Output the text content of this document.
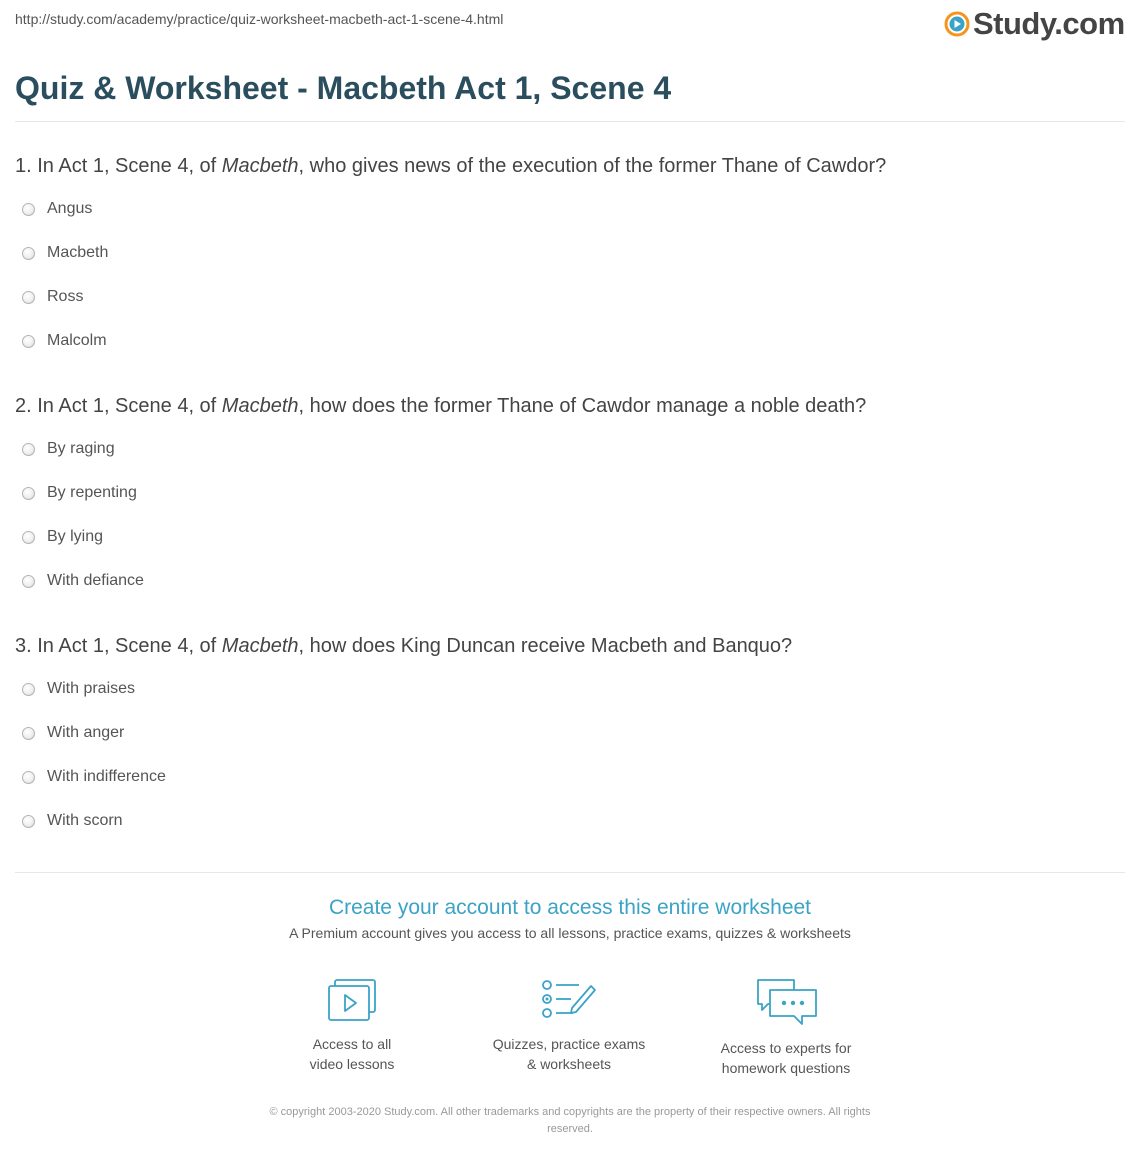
http://study.com/academy/practice/quiz-worksheet-macbeth-act-1-scene-4.html	Study.com
Quiz & Worksheet - Macbeth Act 1, Scene 4
1. In Act 1, Scene 4, of Macbeth, who gives news of the execution of the former Thane of Cawdor?
Angus
Macbeth
Ross
Malcolm
2. In Act 1, Scene 4, of Macbeth, how does the former Thane of Cawdor manage a noble death?
By raging
By repenting
By lying
With defiance
3. In Act 1, Scene 4, of Macbeth, how does King Duncan receive Macbeth and Banquo?
With praises
With anger
With indifference
With scorn
Create your account to access this entire worksheet
A Premium account gives you access to all lessons, practice exams, quizzes & worksheets
Access to all
video lessons
Quizzes, practice exams
& worksheets
Access to experts for
homework questions
© copyright 2003-2020 Study.com. All other trademarks and copyrights are the property of their respective owners. All rights
reserved.
